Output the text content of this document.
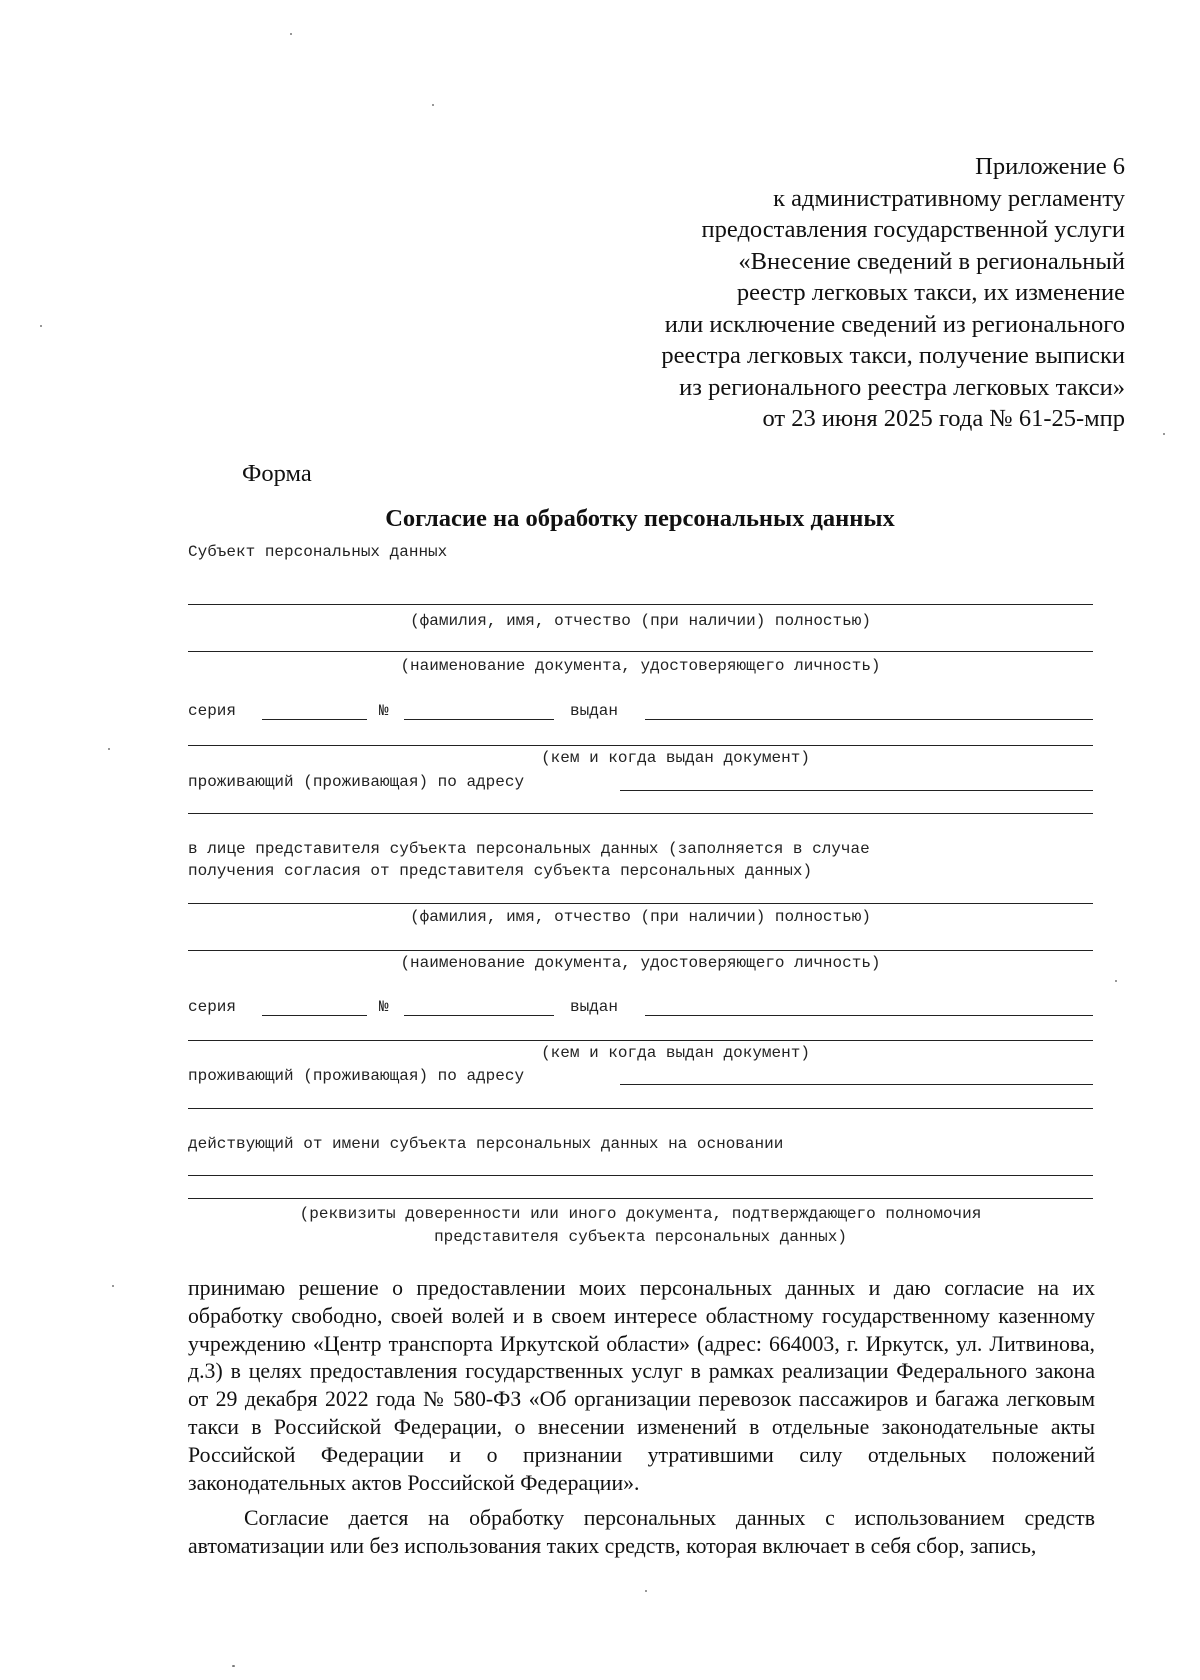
Приложение 6
к административному регламенту
предоставления государственной услуги
«Внесение сведений в региональный
реестр легковых такси, их изменение
или исключение сведений из регионального
реестра легковых такси, получение выписки
из регионального реестра легковых такси»
от 23 июня 2025 года № 61-25-мпр
Форма
Согласие на обработку персональных данных
Субъект персональных данных
(фамилия, имя, отчество (при наличии) полностью)
(наименование документа, удостоверяющего личность)
серия	№	выдан
(кем и когда выдан документ)
проживающий (проживающая) по адресу
в лице представителя субъекта персональных данных (заполняется в случае
получения согласия от представителя субъекта персональных данных)
(фамилия, имя, отчество (при наличии) полностью)
(наименование документа, удостоверяющего личность)
серия	№	выдан
(кем и когда выдан документ)
проживающий (проживающая) по адресу
действующий от имени субъекта персональных данных на основании
(реквизиты доверенности или иного документа, подтверждающего полномочия
представителя субъекта персональных данных)

принимаю решение о предоставлении моих персональных данных и даю согласие на их обработку свободно, своей волей и в своем интересе областному государственному казенному учреждению «Центр транспорта Иркутской области» (адрес: 664003, г. Иркутск, ул. Литвинова, д.3) в целях предоставления государственных услуг в рамках реализации Федерального закона от 29 декабря 2022 года № 580-ФЗ «Об организации перевозок пассажиров и багажа легковым такси в Российской Федерации, о внесении изменений в отдельные законодательные акты Российской Федерации и о признании утратившими силу отдельных положений законодательных актов Российской Федерации».

Согласие дается на обработку персональных данных с использованием средств автоматизации или без использования таких средств, которая включает в себя сбор, запись,
